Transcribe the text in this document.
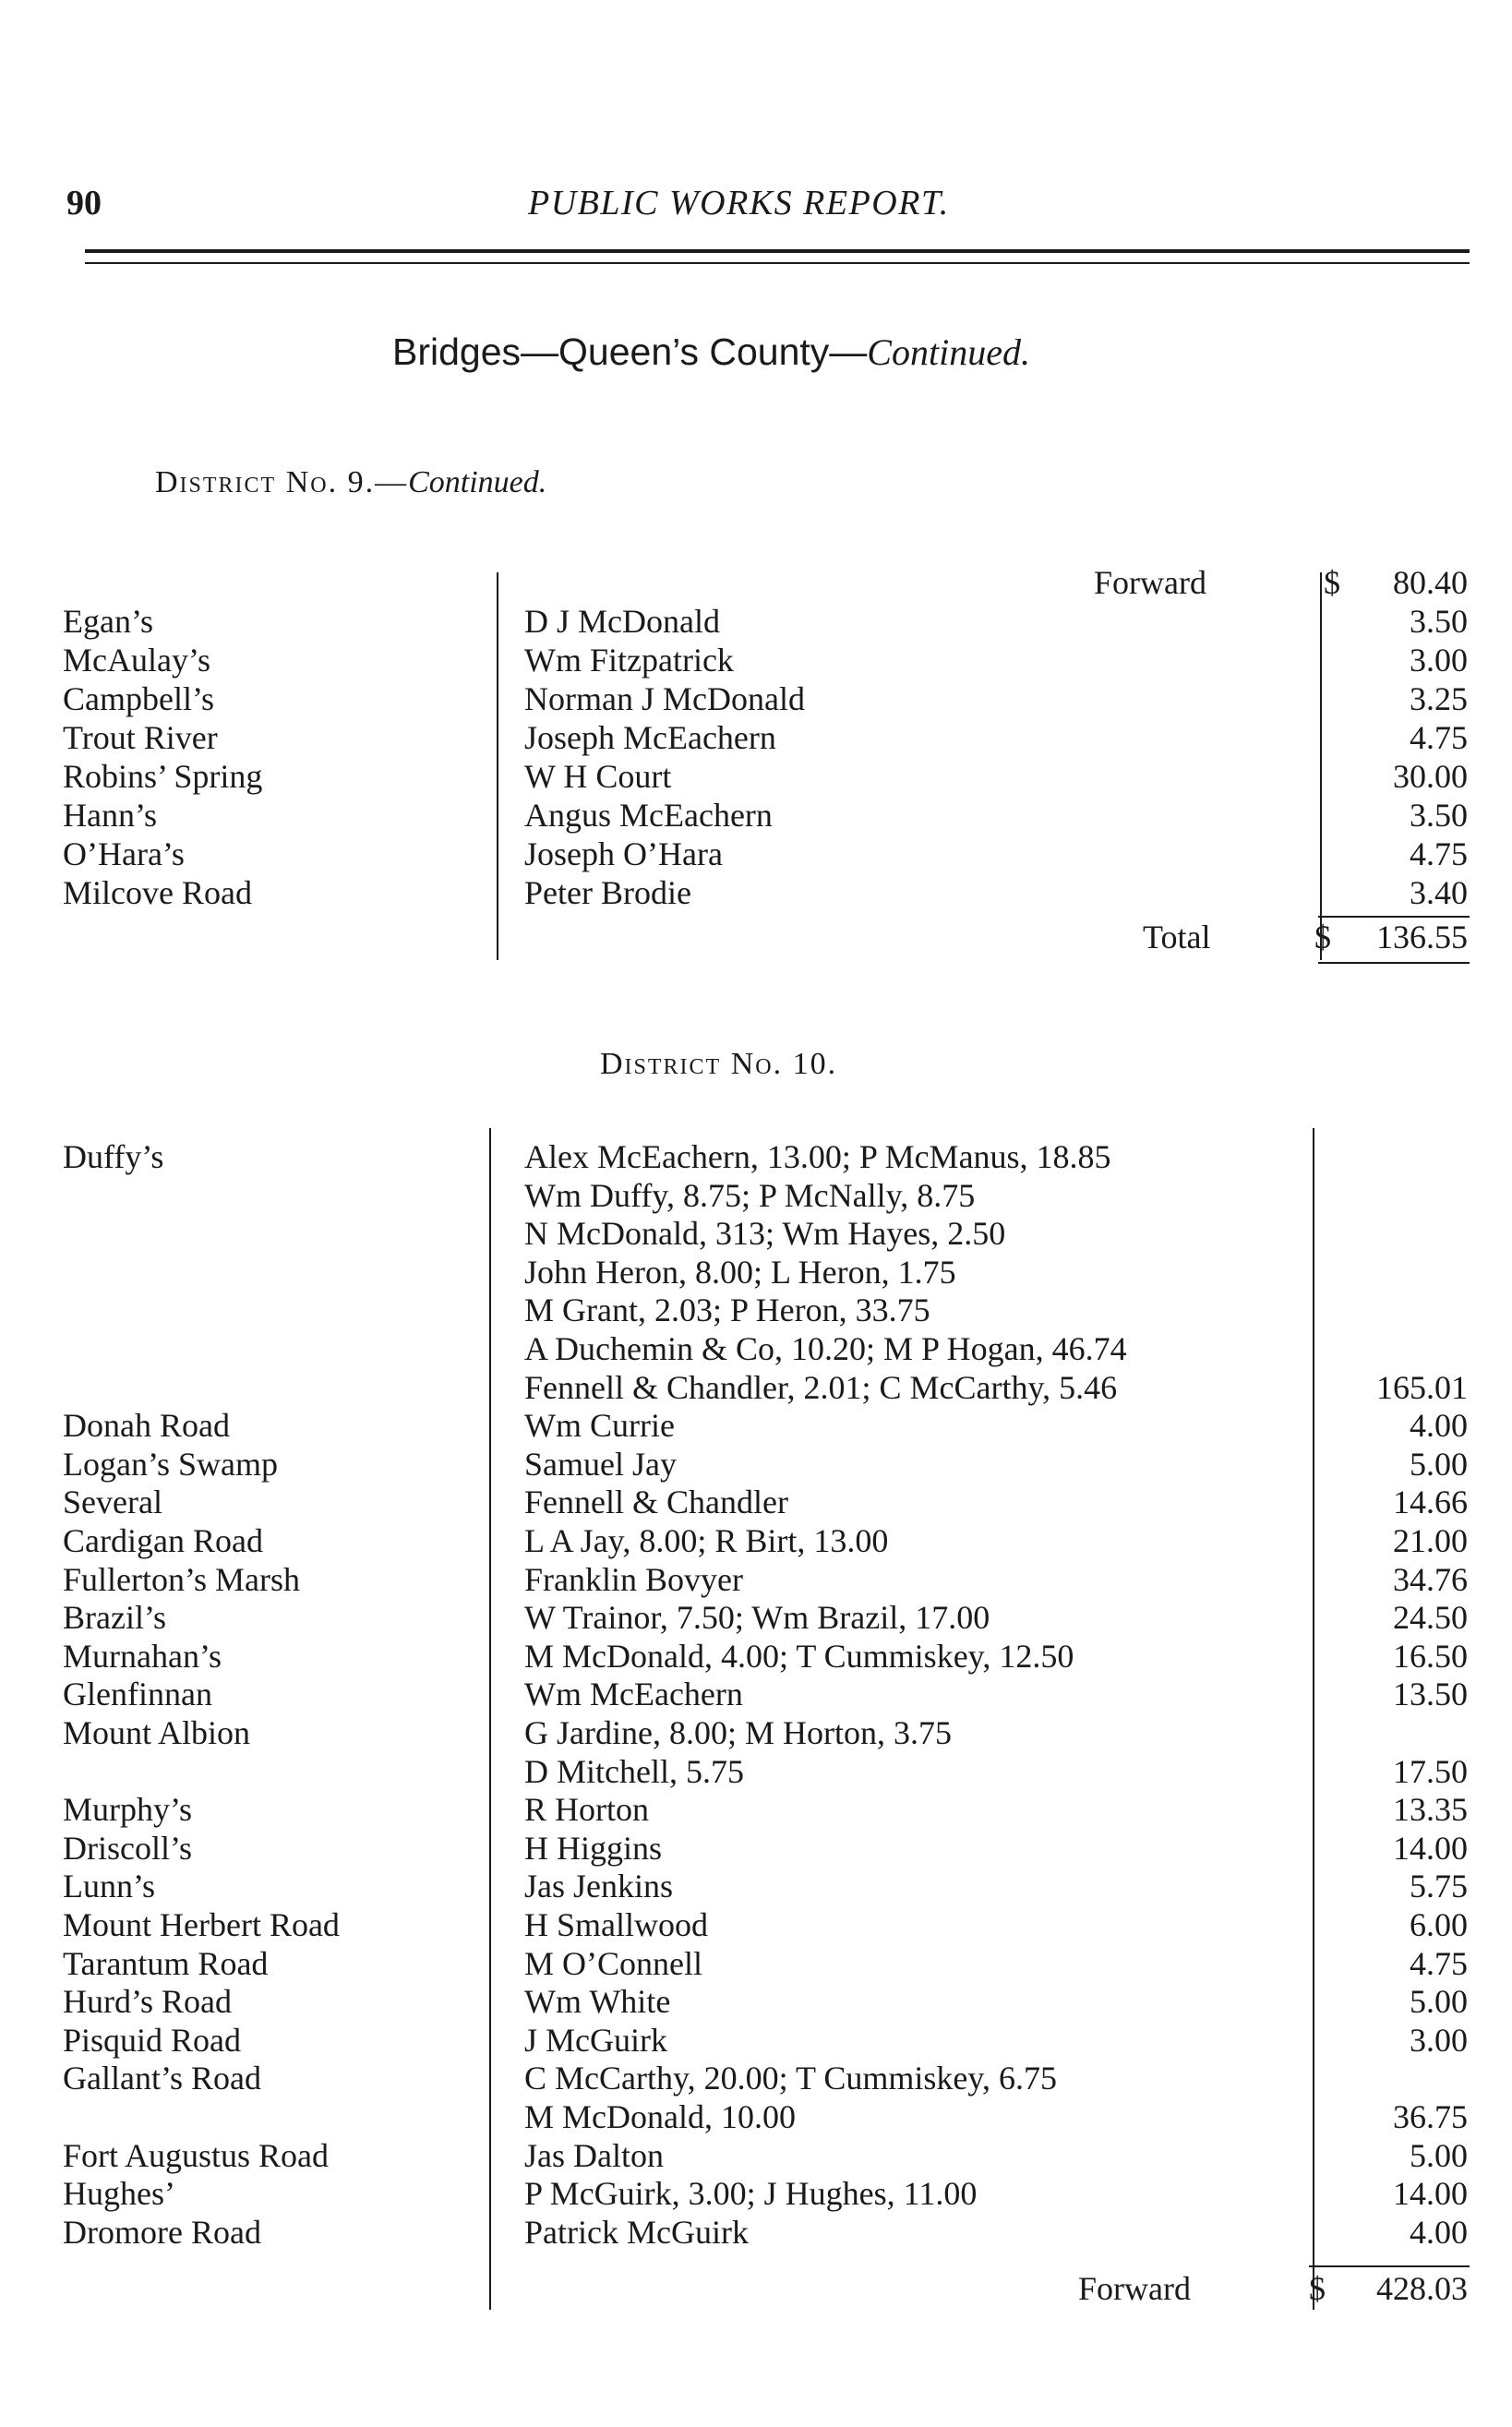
90	PUBLIC WORKS REPORT.
Bridges—Queen’s County—Continued.
District No. 9.—Continued.
Forward	$	80.40
Egan’s	D J McDonald	3.50
McAulay’s	Wm Fitzpatrick	3.00
Campbell’s	Norman J McDonald	3.25
Trout River	Joseph McEachern	4.75
Robins’ Spring	W H Court	30.00
Hann’s	Angus McEachern	3.50
O’Hara’s	Joseph O’Hara	4.75
Milcove Road	Peter Brodie	3.40
Total	$	136.55
District No. 10.
Duffy’s	Alex McEachern, 13.00; P McManus, 18.85
Wm Duffy, 8.75; P McNally, 8.75
N McDonald, 313; Wm Hayes, 2.50
John Heron, 8.00; L Heron, 1.75
M Grant, 2.03; P Heron, 33.75
A Duchemin & Co, 10.20; M P Hogan, 46.74
Fennell & Chandler, 2.01; C McCarthy, 5.46	165.01
Donah Road	Wm Currie	4.00
Logan’s Swamp	Samuel Jay	5.00
Several	Fennell & Chandler	14.66
Cardigan Road	L A Jay, 8.00; R Birt, 13.00	21.00
Fullerton’s Marsh	Franklin Bovyer	34.76
Brazil’s	W Trainor, 7.50; Wm Brazil, 17.00	24.50
Murnahan’s	M McDonald, 4.00; T Cummiskey, 12.50	16.50
Glenfinnan	Wm McEachern	13.50
Mount Albion	G Jardine, 8.00; M Horton, 3.75
D Mitchell, 5.75	17.50
Murphy’s	R Horton	13.35
Driscoll’s	H Higgins	14.00
Lunn’s	Jas Jenkins	5.75
Mount Herbert Road	H Smallwood	6.00
Tarantum Road	M O’Connell	4.75
Hurd’s Road	Wm White	5.00
Pisquid Road	J McGuirk	3.00
Gallant’s Road	C McCarthy, 20.00; T Cummiskey, 6.75
M McDonald, 10.00	36.75
Fort Augustus Road	Jas Dalton	5.00
Hughes’	P McGuirk, 3.00; J Hughes, 11.00	14.00
Dromore Road	Patrick McGuirk	4.00
Forward	$	428.03
